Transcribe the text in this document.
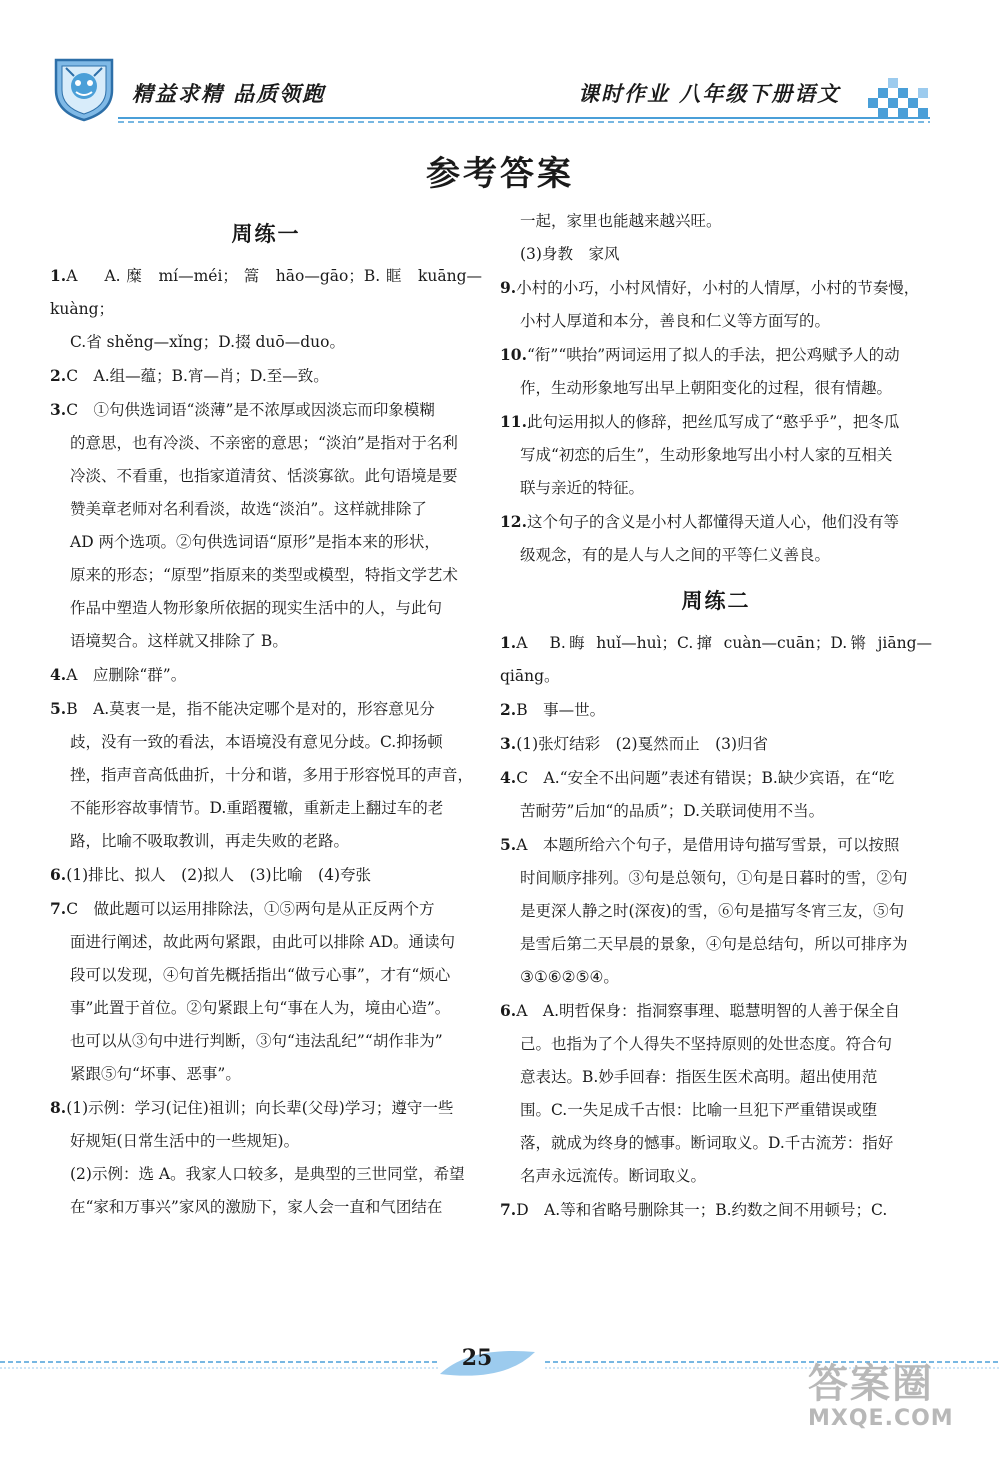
精益求精 品质领跑	课时作业 八年级下册语文
参考答案
周练一

1.A　A.糜 mí—méi；篙 hāo—gāo；B.眶 kuāng—kuàng；

C.省 shěng—xǐng；D.掇 duō—duo。

2.C　A.组—蕴；B.宵—肖；D.至—致。

3.C　①句供选词语“淡薄”是不浓厚或因淡忘而印象模糊

的意思，也有冷淡、不亲密的意思；“淡泊”是指对于名利

冷淡、不看重，也指家道清贫、恬淡寡欲。此句语境是要

赞美章老师对名利看淡，故选“淡泊”。这样就排除了

AD 两个选项。②句供选词语“原形”是指本来的形状，

原来的形态；“原型”指原来的类型或模型，特指文学艺术

作品中塑造人物形象所依据的现实生活中的人，与此句

语境契合。这样就又排除了 B。

4.A　应删除“群”。

5.B　A.莫衷一是，指不能决定哪个是对的，形容意见分

歧，没有一致的看法，本语境没有意见分歧。C.抑扬顿

挫，指声音高低曲折，十分和谐，多用于形容悦耳的声音，

不能形容故事情节。D.重蹈覆辙，重新走上翻过车的老

路，比喻不吸取教训，再走失败的老路。

6.(1)排比、拟人　(2)拟人　(3)比喻　(4)夸张

7.C　做此题可以运用排除法，①⑤两句是从正反两个方

面进行阐述，故此两句紧跟，由此可以排除 AD。通读句

段可以发现，④句首先概括指出“做亏心事”，才有“烦心

事”此置于首位。②句紧跟上句“事在人为，境由心造”。

也可以从③句中进行判断，③句“违法乱纪”“胡作非为”

紧跟⑤句“坏事、恶事”。

8.(1)示例：学习(记住)祖训；向长辈(父母)学习；遵守一些

好规矩(日常生活中的一些规矩)。

(2)示例：选 A。我家人口较多，是典型的三世同堂，希望

在“家和万事兴”家风的激励下，家人会一直和气团结在

一起，家里也能越来越兴旺。

(3)身教　家风

9.小村的小巧，小村风情好，小村的人情厚，小村的节奏慢，

小村人厚道和本分，善良和仁义等方面写的。

10.“衔”“哄抬”两词运用了拟人的手法，把公鸡赋予人的动

作，生动形象地写出早上朝阳变化的过程，很有情趣。

11.此句运用拟人的修辞，把丝瓜写成了“憨乎乎”，把冬瓜

写成“初恋的后生”，生动形象地写出小村人家的互相关

联与亲近的特征。

12.这个句子的含义是小村人都懂得天道人心，他们没有等

级观念，有的是人与人之间的平等仁义善良。

周练二

1.A　B.晦 huǐ—huì；C.撺 cuàn—cuān；D.锵 jiāng—qiāng。

2.B　事—世。

3.(1)张灯结彩　(2)戛然而止　(3)归省

4.C　A.“安全不出问题”表述有错误；B.缺少宾语，在“吃

苦耐劳”后加“的品质”；D.关联词使用不当。

5.A　本题所给六个句子，是借用诗句描写雪景，可以按照

时间顺序排列。③句是总领句，①句是日暮时的雪，②句

是更深人静之时(深夜)的雪，⑥句是描写冬宵三友，⑤句

是雪后第二天早晨的景象，④句是总结句，所以可排序为

③①⑥②⑤④。

6.A　A.明哲保身：指洞察事理、聪慧明智的人善于保全自

己。也指为了个人得失不坚持原则的处世态度。符合句

意表达。B.妙手回春：指医生医术高明。超出使用范

围。C.一失足成千古恨：比喻一旦犯下严重错误或堕

落，就成为终身的憾事。断词取义。D.千古流芳：指好

名声永远流传。断词取义。

7.D　A.等和省略号删除其一；B.约数之间不用顿号；C.

25
答案圈
MXQE.COM
